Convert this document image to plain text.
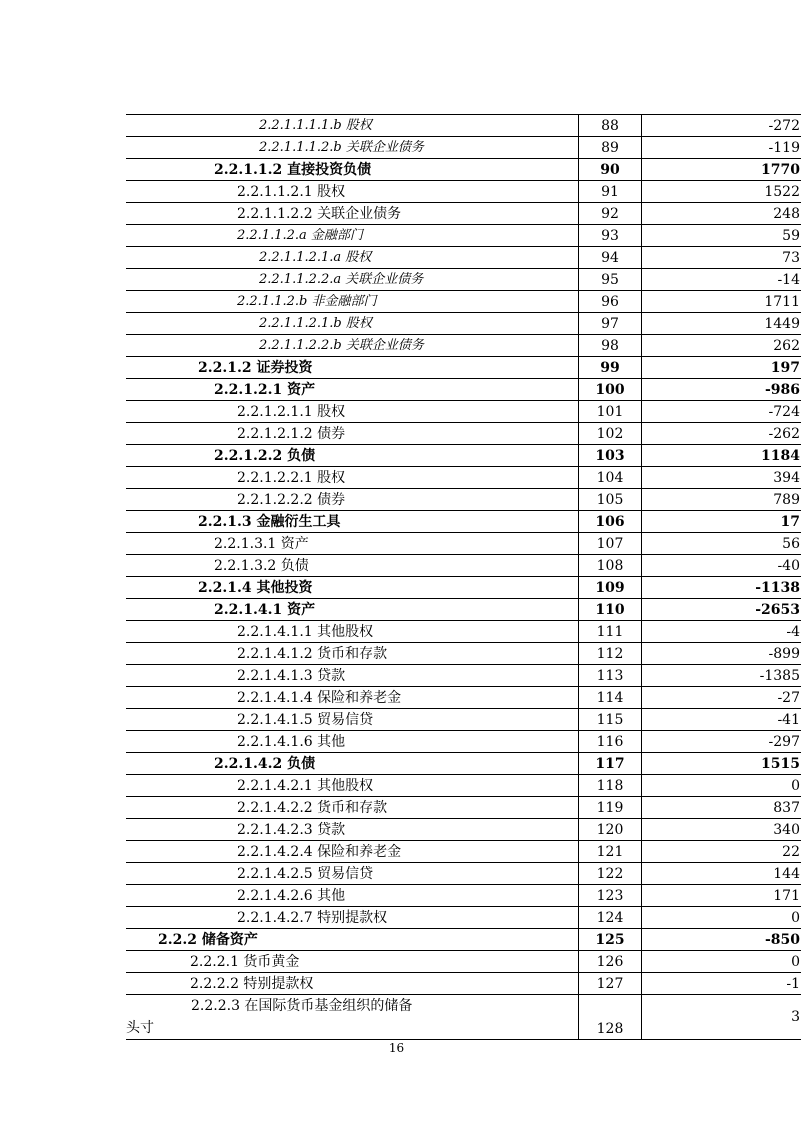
2.2.1.1.1.1.b 股权	88	-272
2.2.1.1.1.2.b 关联企业债务	89	-119
2.2.1.1.2 直接投资负债	90	1770
2.2.1.1.2.1 股权	91	1522
2.2.1.1.2.2 关联企业债务	92	248
2.2.1.1.2.a 金融部门	93	59
2.2.1.1.2.1.a 股权	94	73
2.2.1.1.2.2.a 关联企业债务	95	-14
2.2.1.1.2.b 非金融部门	96	1711
2.2.1.1.2.1.b 股权	97	1449
2.2.1.1.2.2.b 关联企业债务	98	262
2.2.1.2 证券投资	99	197
2.2.1.2.1 资产	100	-986
2.2.1.2.1.1 股权	101	-724
2.2.1.2.1.2 债券	102	-262
2.2.1.2.2 负债	103	1184
2.2.1.2.2.1 股权	104	394
2.2.1.2.2.2 债券	105	789
2.2.1.3 金融衍生工具	106	17
2.2.1.3.1 资产	107	56
2.2.1.3.2 负债	108	-40
2.2.1.4 其他投资	109	-1138
2.2.1.4.1 资产	110	-2653
2.2.1.4.1.1 其他股权	111	-4
2.2.1.4.1.2 货币和存款	112	-899
2.2.1.4.1.3 贷款	113	-1385
2.2.1.4.1.4 保险和养老金	114	-27
2.2.1.4.1.5 贸易信贷	115	-41
2.2.1.4.1.6 其他	116	-297
2.2.1.4.2 负债	117	1515
2.2.1.4.2.1 其他股权	118	0
2.2.1.4.2.2 货币和存款	119	837
2.2.1.4.2.3 贷款	120	340
2.2.1.4.2.4 保险和养老金	121	22
2.2.1.4.2.5 贸易信贷	122	144
2.2.1.4.2.6 其他	123	171
2.2.1.4.2.7 特别提款权	124	0
2.2.2 储备资产	125	-850
2.2.2.1 货币黄金	126	0
2.2.2.2 特别提款权	127	-1

2.2.2.3 在国际货币基金组织的储备
头寸	128	3
16
